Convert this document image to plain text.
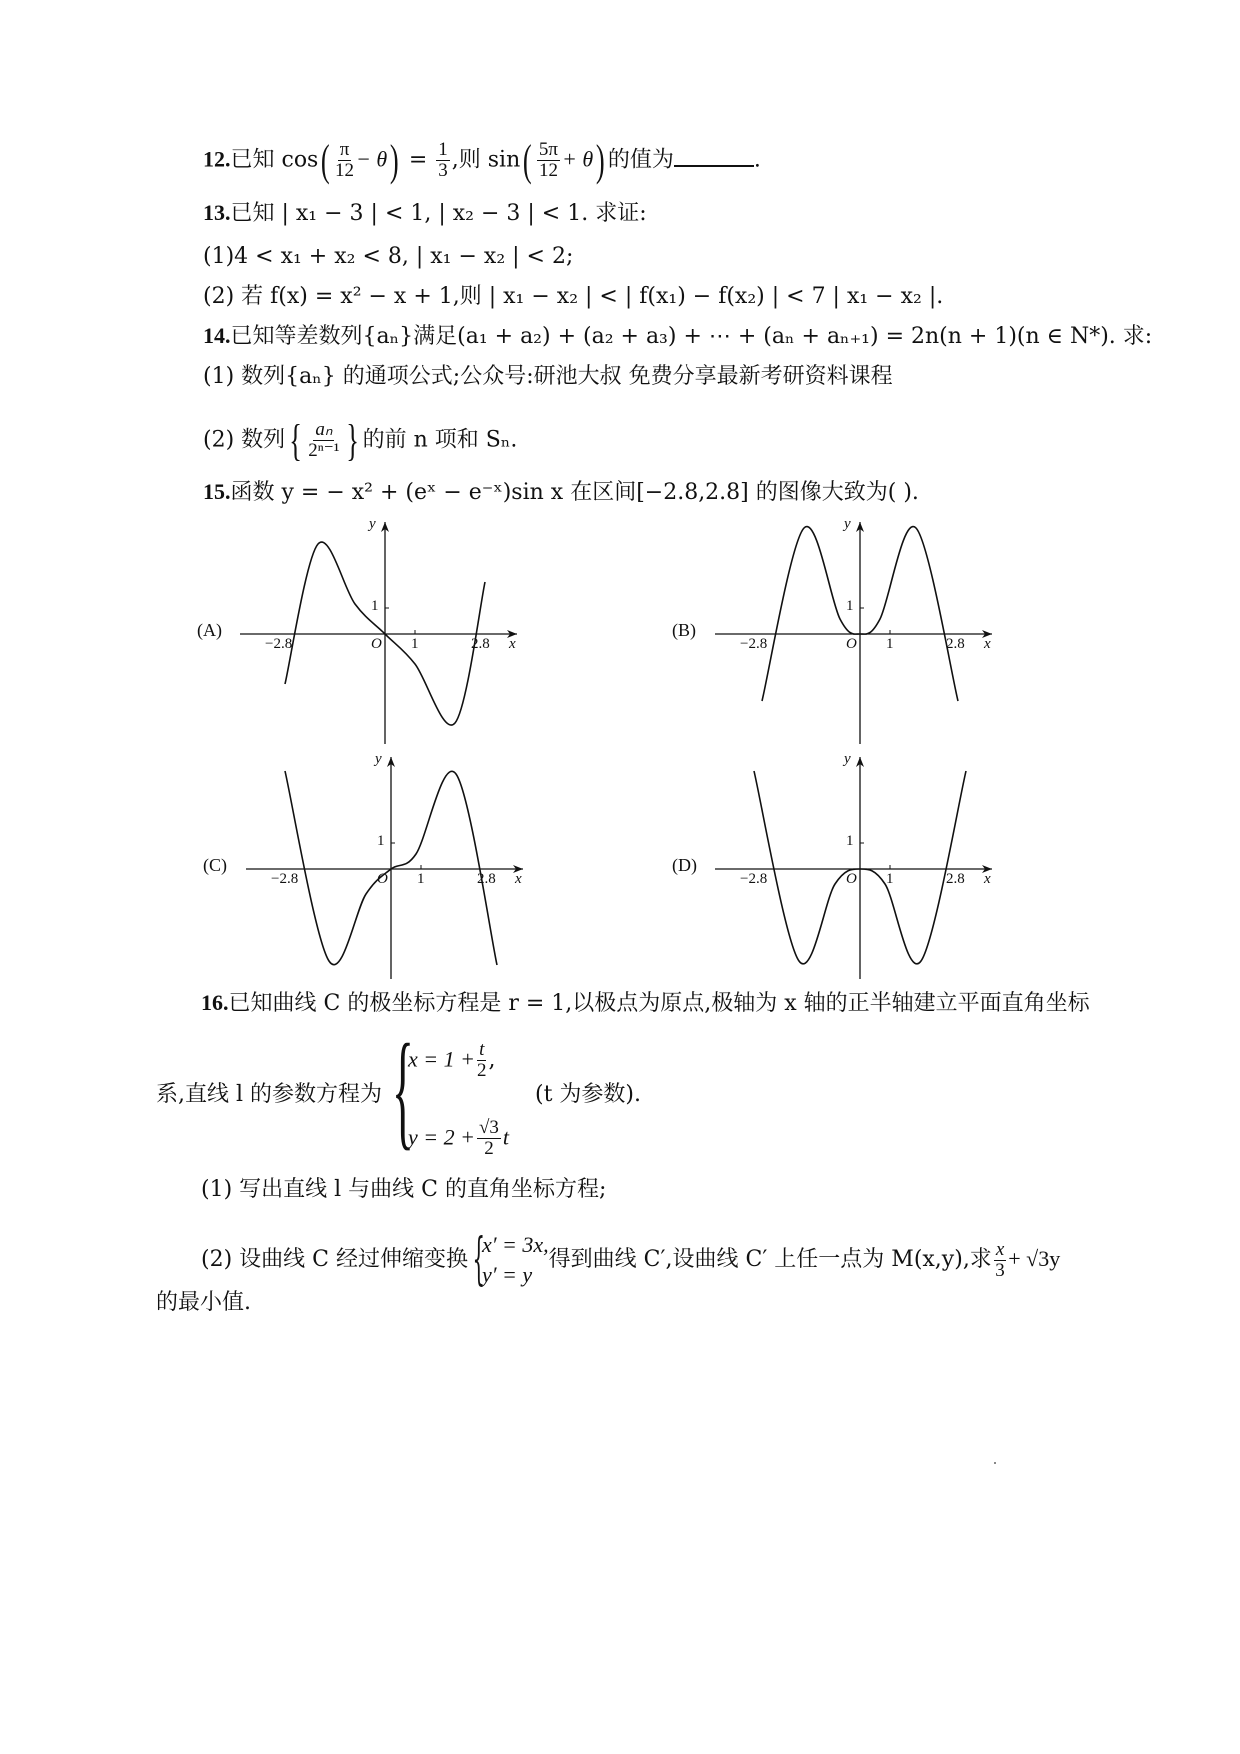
12.已知 $\cos( \frac{\pi}{12} - \theta) = \frac{1}{3}$ ,则 $\sin( \frac{5\pi}{12} + \theta)$ 的值为	.
13.已知 | x₁ − 3 | < 1, | x₂ − 3 | < 1. 求证:
(1)4 < x₁ + x₂ < 8, | x₁ − x₂ | < 2;
(2) 若 f(x) = x² − x + 1,则 | x₁ − x₂ | < | f(x₁) − f(x₂) | < 7 | x₁ − x₂ |.
14.已知等差数列{aₙ}满足(a₁ + a₂) + (a₂ + a₃) + ⋯ + (aₙ + aₙ₊₁) = 2n(n + 1)(n ∈ N*). 求:
(1) 数列{aₙ} 的通项公式;公众号:研池大叔 免费分享最新考研资料课程
(2) 数列{ $\frac{\text{aₙ}}{\text{2ⁿ⁻¹}}$ } 的前 n 项和 Sₙ.
15.函数 y = − x² + (eˣ − e⁻ˣ)sin x 在区间[−2.8,2.8] 的图像大致为( ).
(A)
−2.8	2.8
1
1
O	x
y
(B)
−2.8	2.8
1
1
O	x
y
(C)
−2.8	2.8
1
1
O	x
y
(D)
−2.8	2.8
1
1
O	x
y
16.已知曲线 C 的极坐标方程是 r = 1,以极点为原点,极轴为 x 轴的正半轴建立平面直角坐标
系,直线 l 的参数方程为 {
$x = 1 + \frac{t}{2}$ ,
$y = 2 + \frac{√3}{2}$ t
(t 为参数).
(1) 写出直线 l 与曲线 C 的直角坐标方程;
(2) 设曲线 C 经过伸缩变换{
x′ = 3x,
y′ = y
得到曲线 C′,设曲线 C′ 上任一点为 M(x,y),求 $\frac{x}{3} + √3y$
的最小值.
